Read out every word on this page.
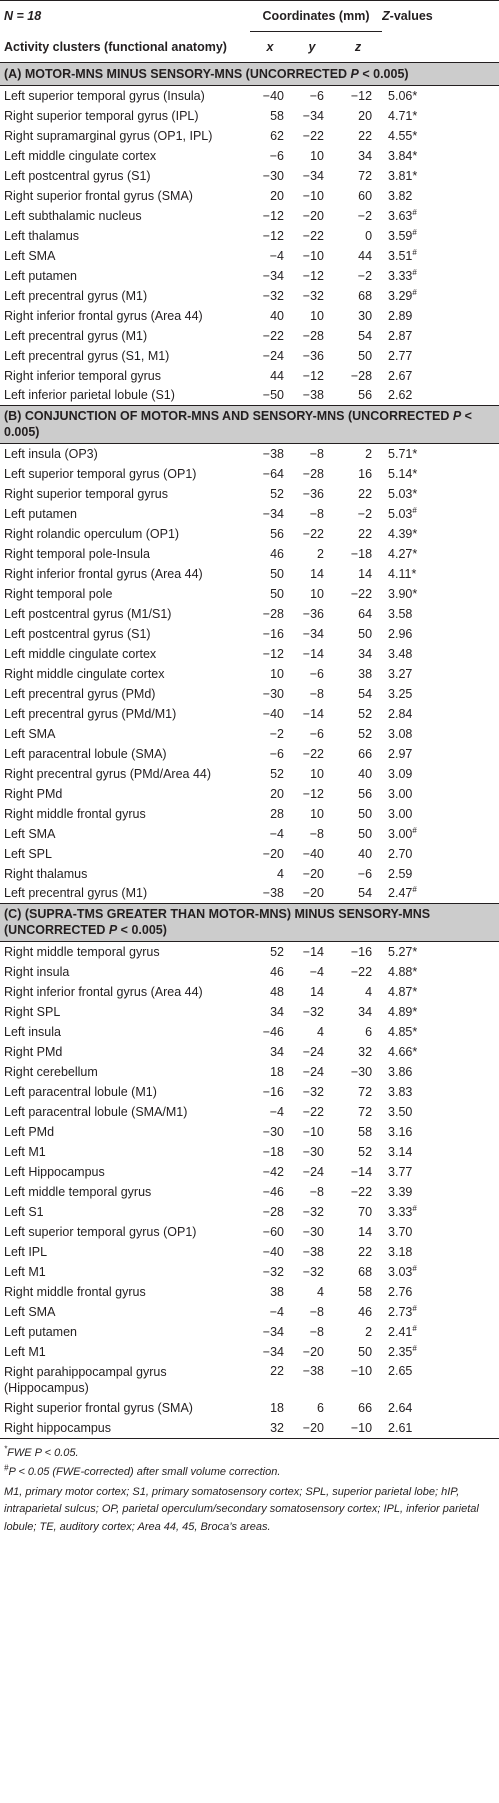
N = 18	Coordinates (mm)			Z-values
Activity clusters (functional anatomy)	x	y	z	
(A) MOTOR-MNS MINUS SENSORY-MNS (UNCORRECTED P < 0.005)				
Left superior temporal gyrus (Insula)	−40	−6	−12	5.06*
Right superior temporal gyrus (IPL)	58	−34	20	4.71*
Right supramarginal gyrus (OP1, IPL)	62	−22	22	4.55*
Left middle cingulate cortex	−6	10	34	3.84*
Left postcentral gyrus (S1)	−30	−34	72	3.81*
Right superior frontal gyrus (SMA)	20	−10	60	3.82
Left subthalamic nucleus	−12	−20	−2	3.63#
Left thalamus	−12	−22	0	3.59#
Left SMA	−4	−10	44	3.51#
Left putamen	−34	−12	−2	3.33#
Left precentral gyrus (M1)	−32	−32	68	3.29#
Right inferior frontal gyrus (Area 44)	40	10	30	2.89
Left precentral gyrus (M1)	−22	−28	54	2.87
Left precentral gyrus (S1, M1)	−24	−36	50	2.77
Right inferior temporal gyrus	44	−12	−28	2.67
Left inferior parietal lobule (S1)	−50	−38	56	2.62
(B) CONJUNCTION OF MOTOR-MNS AND SENSORY-MNS (UNCORRECTED P < 0.005)				
Left insula (OP3)	−38	−8	2	5.71*
Left superior temporal gyrus (OP1)	−64	−28	16	5.14*
Right superior temporal gyrus	52	−36	22	5.03*
Left putamen	−34	−8	−2	5.03#
Right rolandic operculum (OP1)	56	−22	22	4.39*
Right temporal pole-Insula	46	2	−18	4.27*
Right inferior frontal gyrus (Area 44)	50	14	14	4.11*
Right temporal pole	50	10	−22	3.90*
Left postcentral gyrus (M1/S1)	−28	−36	64	3.58
Left postcentral gyrus (S1)	−16	−34	50	2.96
Left middle cingulate cortex	−12	−14	34	3.48
Right middle cingulate cortex	10	−6	38	3.27
Left precentral gyrus (PMd)	−30	−8	54	3.25
Left precentral gyrus (PMd/M1)	−40	−14	52	2.84
Left SMA	−2	−6	52	3.08
Left paracentral lobule (SMA)	−6	−22	66	2.97
Right precentral gyrus (PMd/Area 44)	52	10	40	3.09
Right PMd	20	−12	56	3.00
Right middle frontal gyrus	28	10	50	3.00
Left SMA	−4	−8	50	3.00#
Left SPL	−20	−40	40	2.70
Right thalamus	4	−20	−6	2.59
Left precentral gyrus (M1)	−38	−20	54	2.47#
(C) (SUPRA-TMS GREATER THAN MOTOR-MNS) MINUS SENSORY-MNS (UNCORRECTED P < 0.005)				
Right middle temporal gyrus	52	−14	−16	5.27*
Right insula	46	−4	−22	4.88*
Right inferior frontal gyrus (Area 44)	48	14	4	4.87*
Right SPL	34	−32	34	4.89*
Left insula	−46	4	6	4.85*
Right PMd	34	−24	32	4.66*
Right cerebellum	18	−24	−30	3.86
Left paracentral lobule (M1)	−16	−32	72	3.83
Left paracentral lobule (SMA/M1)	−4	−22	72	3.50
Left PMd	−30	−10	58	3.16
Left M1	−18	−30	52	3.14
Left Hippocampus	−42	−24	−14	3.77
Left middle temporal gyrus	−46	−8	−22	3.39
Left S1	−28	−32	70	3.33#
Left superior temporal gyrus (OP1)	−60	−30	14	3.70
Left IPL	−40	−38	22	3.18
Left M1	−32	−32	68	3.03#
Right middle frontal gyrus	38	4	58	2.76
Left SMA	−4	−8	46	2.73#
Left putamen	−34	−8	2	2.41#
Left M1	−34	−20	50	2.35#
Right parahippocampal gyrus (Hippocampus)	22	−38	−10	2.65
Right superior frontal gyrus (SMA)	18	6	66	2.64
Right hippocampus	32	−20	−10	2.61

*FWE P < 0.05.

#P < 0.05 (FWE-corrected) after small volume correction.

M1, primary motor cortex; S1, primary somatosensory cortex; SPL, superior parietal lobe; hIP, intraparietal sulcus; OP, parietal operculum/secondary somatosensory cortex; IPL, inferior parietal lobule; TE, auditory cortex; Area 44, 45, Broca’s areas.
